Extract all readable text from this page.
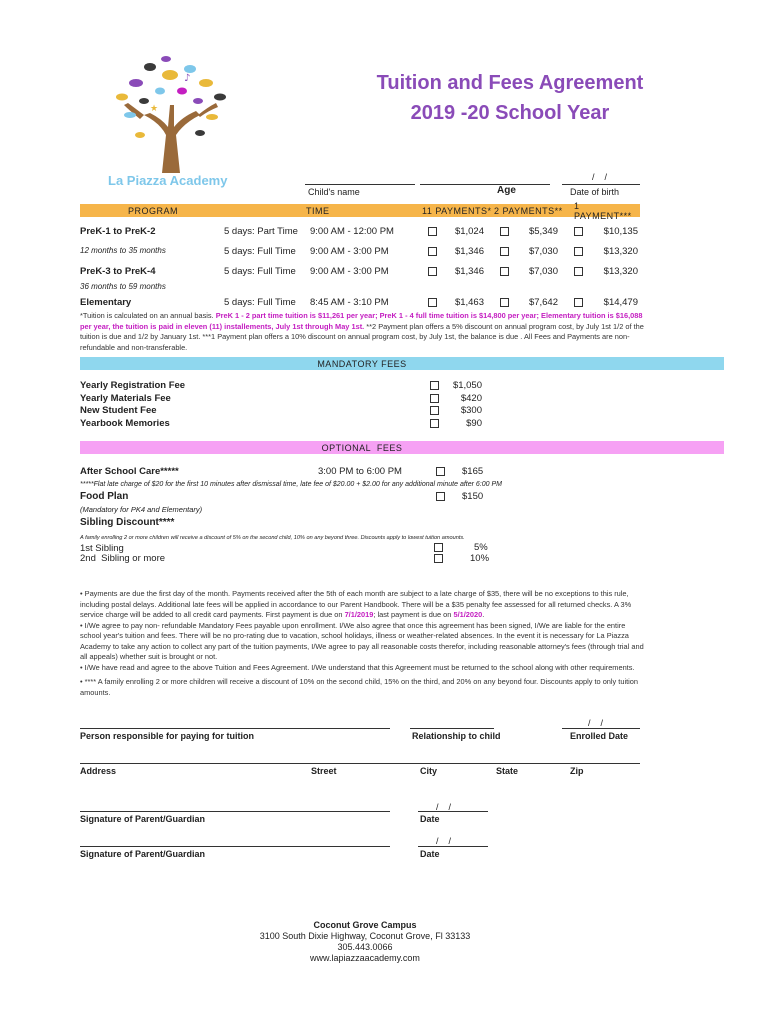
♪
★
La Piazza Academy
Tuition and Fees Agreement
2019 -20 School Year
Child's name	Age
/    /
Date of birth
PROGRAM	TIME	11 PAYMENTS* 2 PAYMENTS** 1 PAYMENT***
PreK-1 to PreK-2	5 days: Part Time 9:00 AM - 12:00 PM	$1,024	$5,349	$10,135
12 months to 35 months	5 days: Full Time 9:00 AM - 3:00 PM	$1,346	$7,030	$13,320
PreK-3 to PreK-4	5 days: Full Time 9:00 AM - 3:00 PM	$1,346	$7,030	$13,320
36 months to 59 months
Elementary	5 days: Full Time 8:45 AM - 3:10 PM	$1,463	$7,642	$14,479
*Tuition is calculated on an annual basis. PreK 1 - 2 part time tuition is $11,261 per year; PreK 1 - 4 full time tuition is $14,800 per year; Elementary tuition is $16,088 per year, the tuition is paid in eleven (11) installements, July 1st through May 1st. **2 Payment plan offers a 5% discount on annual program cost, by July 1st 1/2 of the tuition is due and 1/2 by January 1st. ***1 Payment plan offers a 10% discount on annual program cost, by July 1st, the balance is due . All Fees and Payments are non-refundable and non-transferable.
MANDATORY FEES
Yearly Registration Fee	$1,050
Yearly Materials Fee	$420
New Student Fee	$300
Yearbook Memories	$90
OPTIONAL  FEES
After School Care*****	3:00 PM to 6:00 PM	$165
*****Flat late charge of $20 for the first 10 minutes after dismissal time, late fee of $20.00 + $2.00 for any additional minute after 6:00 PM
Food Plan	$150
(Mandatory for PK4 and Elementary)
Sibling Discount****
A family enrolling 2 or more children will receive a discount of 5% on the second child, 10% on any beyond three. Discounts apply to lowest tuition amounts.
1st Sibling	5%
2nd  Sibling or more	10%
• Payments are due the first day of the month. Payments received after the 5th of each month are subject to a late charge of $35, there will be no exceptions to this rule, including postal delays. Additional late fees will be applied in accordance to our Parent Handbook. There will be a $35 penalty fee assessed for all returned checks. A 3% service charge will be added to all credit card payments. First payment is due on 7/1/2019; last payment is due on 5/1/2020.
• I/We agree to pay non- refundable Mandatory Fees payable upon enrollment. I/We also agree that once this agreement has been signed, I/We are liable for the entire school year's tuition and fees. There will be no pro-rating due to vacation, school holidays, illness or weather-related absences. In the event it is necessary for La Piazza Academy to take any action to collect any part of the tuition payments, I/We agree to pay all reasonable costs therefor, including reasonable attorney's fees (through trial and all appeals) whether suit is brought or not.
• I/We have read and agree to the above Tuition and Fees Agreement. I/We understand that this Agreement must be returned to the school along with other requirements.
• **** A family enrolling 2 or more children will receive a discount of 10% on the second child, 15% on the third, and 20% on any beyond four. Discounts apply to only tuition amounts.
Person responsible for paying for tuition	Relationship to child
/    /
Enrolled Date
Address	Street	City	State	Zip
Signature of Parent/Guardian
/    /
Date
Signature of Parent/Guardian
/    /
Date
Coconut Grove Campus
3100 South Dixie Highway, Coconut Grove, Fl 33133
305.443.0066
www.lapiazzaacademy.com
